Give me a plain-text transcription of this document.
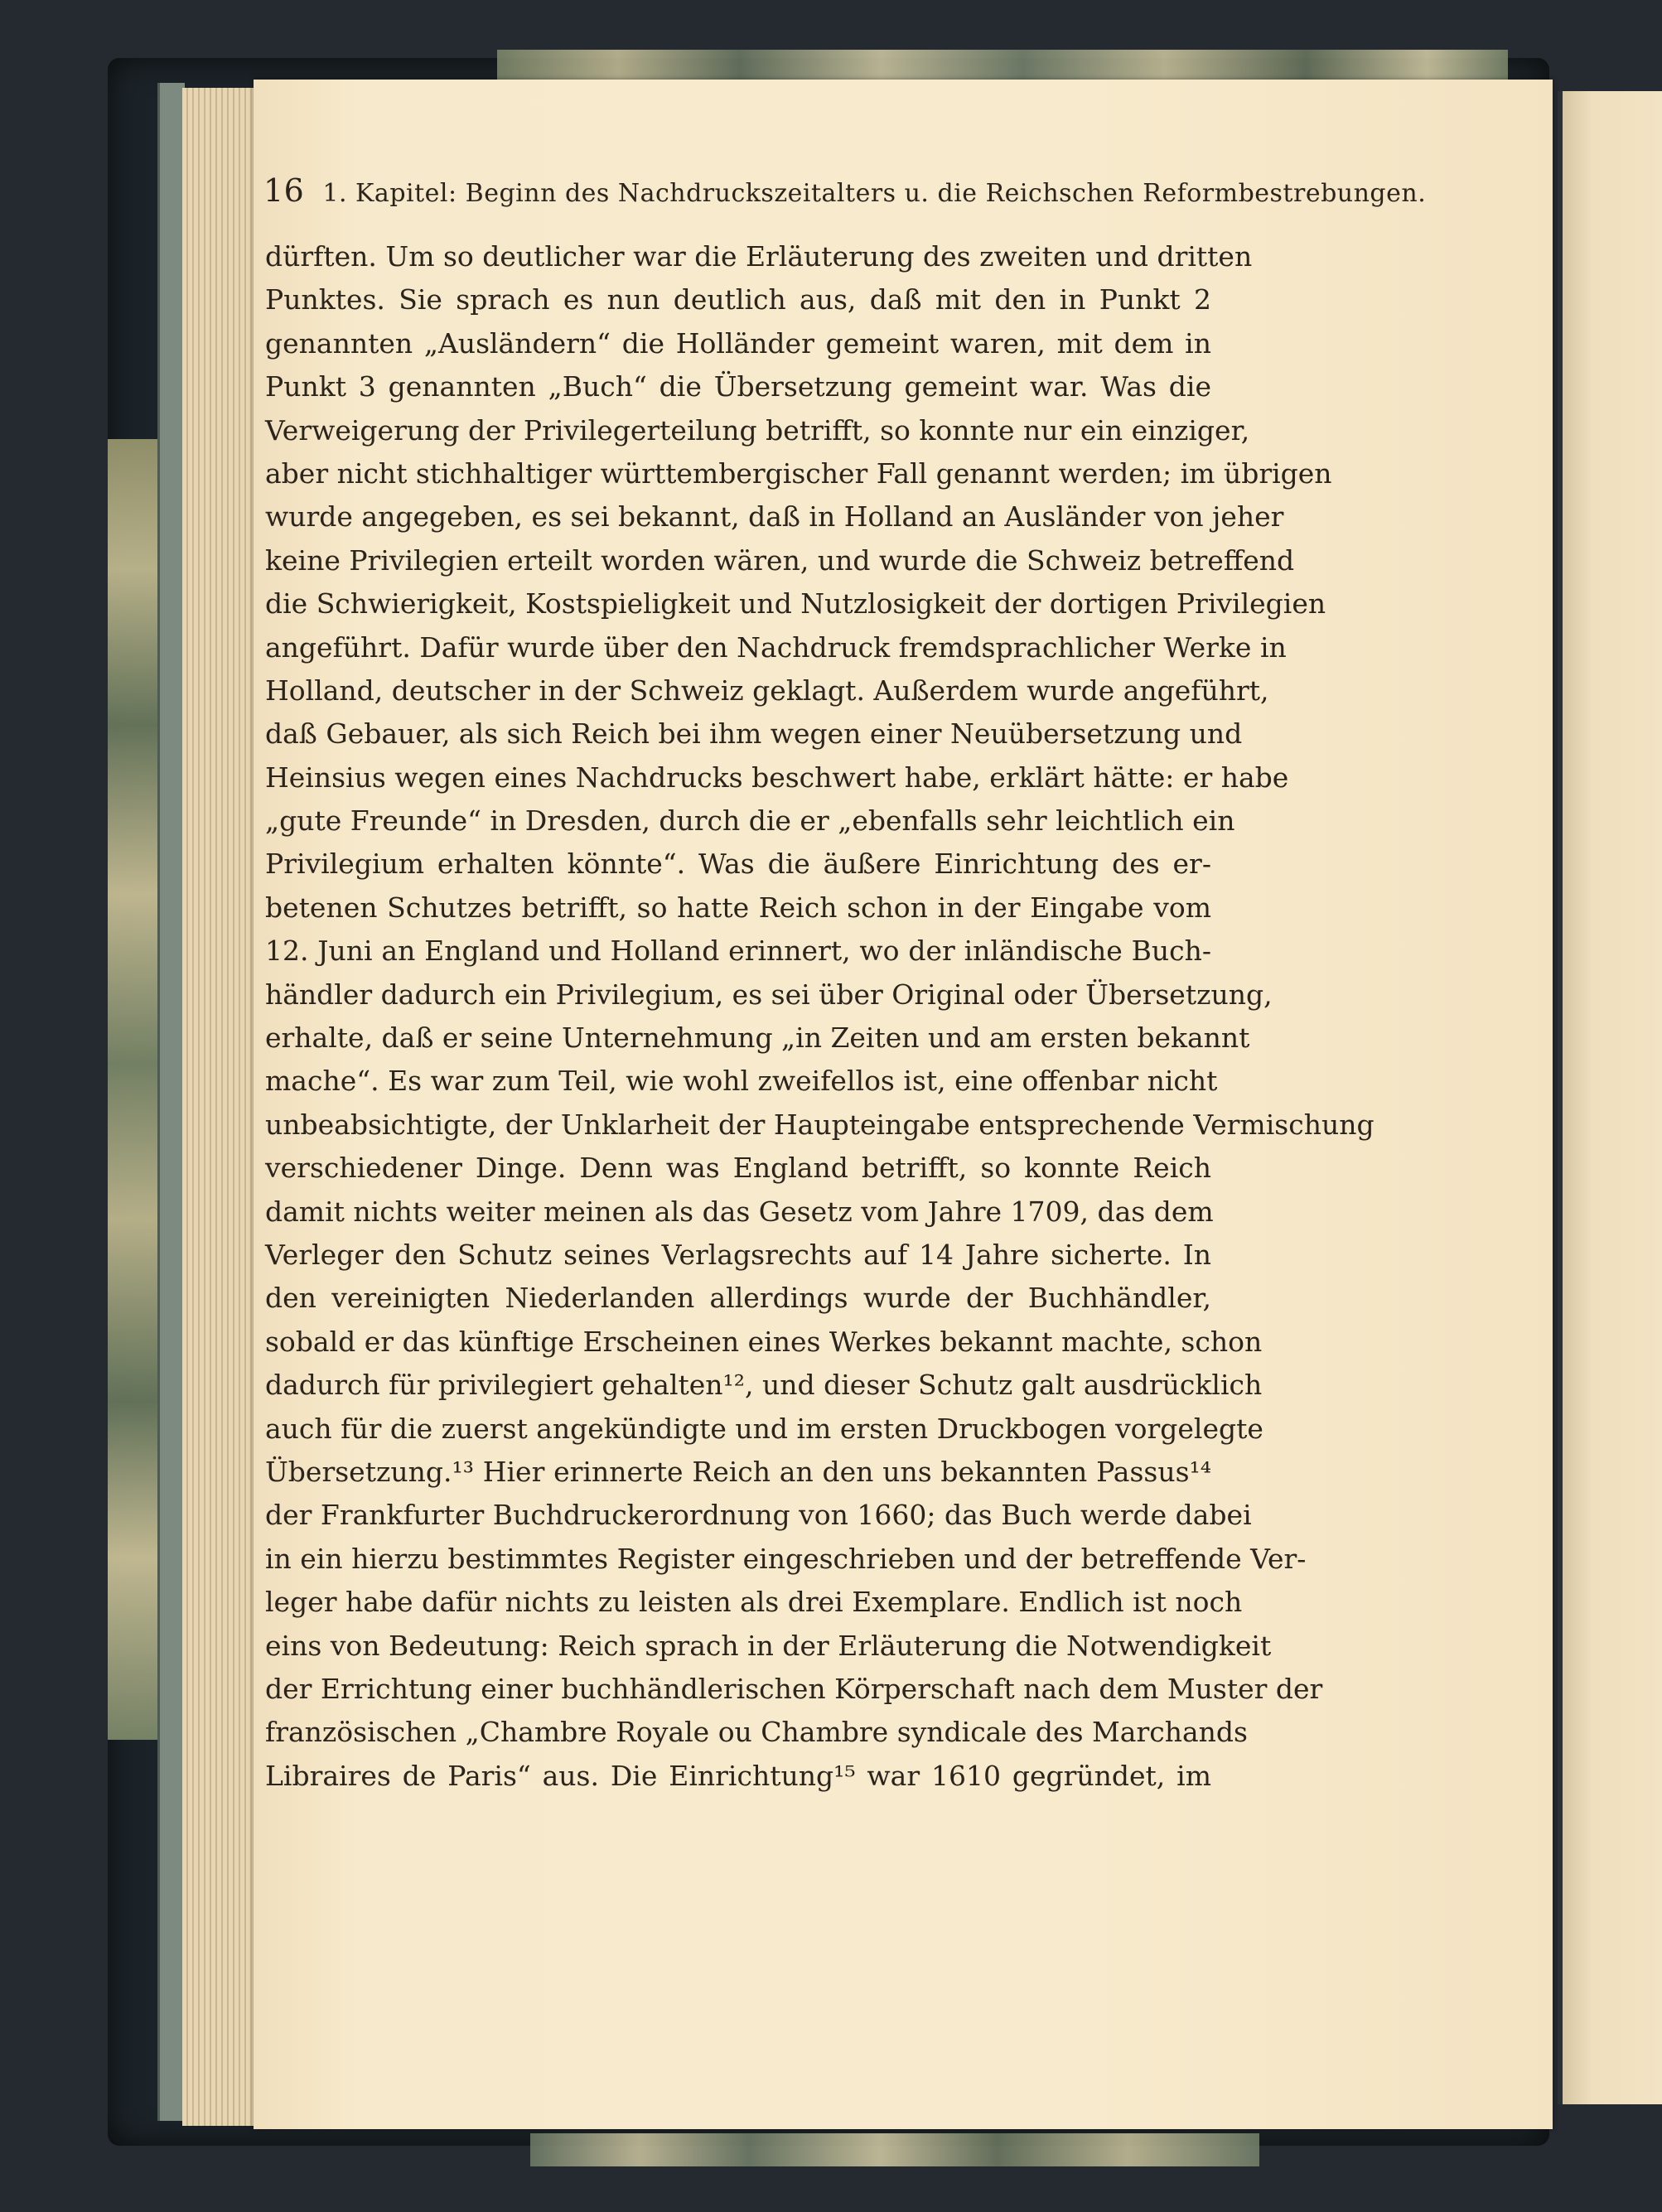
16 1. Kapitel: Beginn des Nachdruckszeitalters u. die Reichschen Reformbestrebungen.
dürften. Um so deutlicher war die Erläuterung des zweiten und dritten
Punktes. Sie sprach es nun deutlich aus, daß mit den in Punkt 2
genannten „Ausländern“ die Holländer gemeint waren, mit dem in
Punkt 3 genannten „Buch“ die Übersetzung gemeint war. Was die
Verweigerung der Privilegerteilung betrifft, so konnte nur ein einziger,
aber nicht stichhaltiger württembergischer Fall genannt werden; im übrigen
wurde angegeben, es sei bekannt, daß in Holland an Ausländer von jeher
keine Privilegien erteilt worden wären, und wurde die Schweiz betreffend
die Schwierigkeit, Kostspieligkeit und Nutzlosigkeit der dortigen Privilegien
angeführt. Dafür wurde über den Nachdruck fremdsprachlicher Werke in
Holland, deutscher in der Schweiz geklagt. Außerdem wurde angeführt,
daß Gebauer, als sich Reich bei ihm wegen einer Neuübersetzung und
Heinsius wegen eines Nachdrucks beschwert habe, erklärt hätte: er habe
„gute Freunde“ in Dresden, durch die er „ebenfalls sehr leichtlich ein
Privilegium erhalten könnte“. Was die äußere Einrichtung des er-
betenen Schutzes betrifft, so hatte Reich schon in der Eingabe vom
12. Juni an England und Holland erinnert, wo der inländische Buch-
händler dadurch ein Privilegium, es sei über Original oder Übersetzung,
erhalte, daß er seine Unternehmung „in Zeiten und am ersten bekannt
mache“. Es war zum Teil, wie wohl zweifellos ist, eine offenbar nicht
unbeabsichtigte, der Unklarheit der Haupteingabe entsprechende Vermischung
verschiedener Dinge. Denn was England betrifft, so konnte Reich
damit nichts weiter meinen als das Gesetz vom Jahre 1709, das dem
Verleger den Schutz seines Verlagsrechts auf 14 Jahre sicherte. In
den vereinigten Niederlanden allerdings wurde der Buchhändler,
sobald er das künftige Erscheinen eines Werkes bekannt machte, schon
dadurch für privilegiert gehalten¹², und dieser Schutz galt ausdrücklich
auch für die zuerst angekündigte und im ersten Druckbogen vorgelegte
Übersetzung.¹³ Hier erinnerte Reich an den uns bekannten Passus¹⁴
der Frankfurter Buchdruckerordnung von 1660; das Buch werde dabei
in ein hierzu bestimmtes Register eingeschrieben und der betreffende Ver-
leger habe dafür nichts zu leisten als drei Exemplare. Endlich ist noch
eins von Bedeutung: Reich sprach in der Erläuterung die Notwendigkeit
der Errichtung einer buchhändlerischen Körperschaft nach dem Muster der
französischen „Chambre Royale ou Chambre syndicale des Marchands
Libraires de Paris“ aus. Die Einrichtung¹⁵ war 1610 gegründet, im
